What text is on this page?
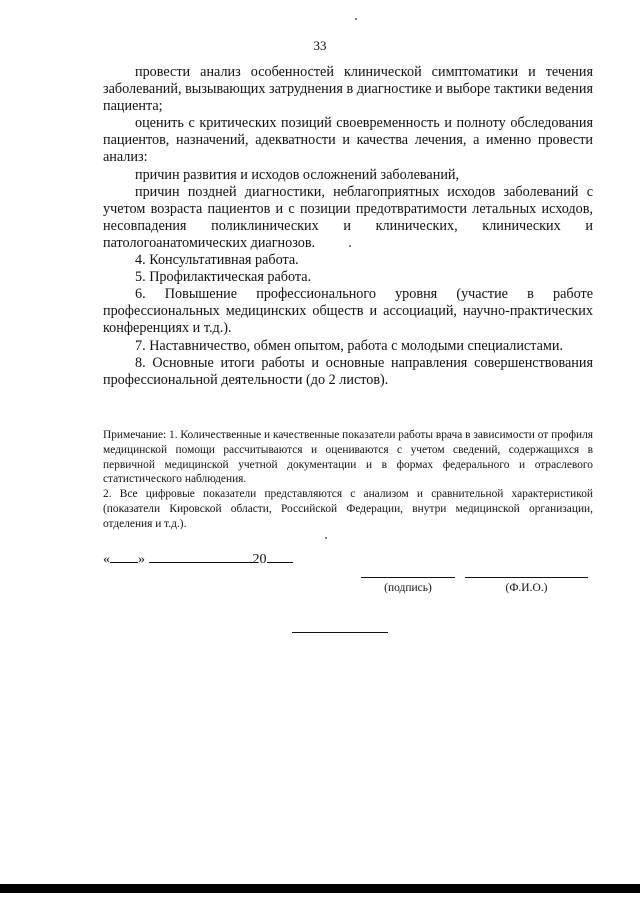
33

провести анализ особенностей клинической симптоматики и течения заболеваний, вызывающих затруднения в диагностике и выборе тактики ведения пациента;

оценить с критических позиций своевременность и полноту обследования пациентов, назначений, адекватности и качества лечения, а именно провести анализ:

причин развития и исходов осложнений заболеваний,

причин поздней диагностики, неблагоприятных исходов заболеваний с учетом возраста пациентов и с позиции предотвратимости летальных исходов, несовпадения поликлинических и клинических, клинических и патологоанатомических диагнозов.

4. Консультативная работа.

5. Профилактическая работа.

6. Повышение профессионального уровня (участие в работе профессиональных медицинских обществ и ассоциаций, научно-практических конференциях и т.д.).

7. Наставничество, обмен опытом, работа с молодыми специалистами.

8. Основные итоги работы и основные направления совершенствования профессиональной деятельности (до 2 листов).

Примечание: 1. Количественные и качественные показатели работы врача в зависимости от профиля медицинской помощи рассчитываются и оцениваются с учетом сведений, содержащихся в первичной медицинской учетной документации и в формах федерального и отраслевого статистического наблюдения.

2. Все цифровые показатели представляются с анализом и сравнительной характеристикой (показатели Кировской области, Российской Федерации, внутри медицинской организации, отделения и т.д.).

« »	20
(подпись)	(Ф.И.О.)
